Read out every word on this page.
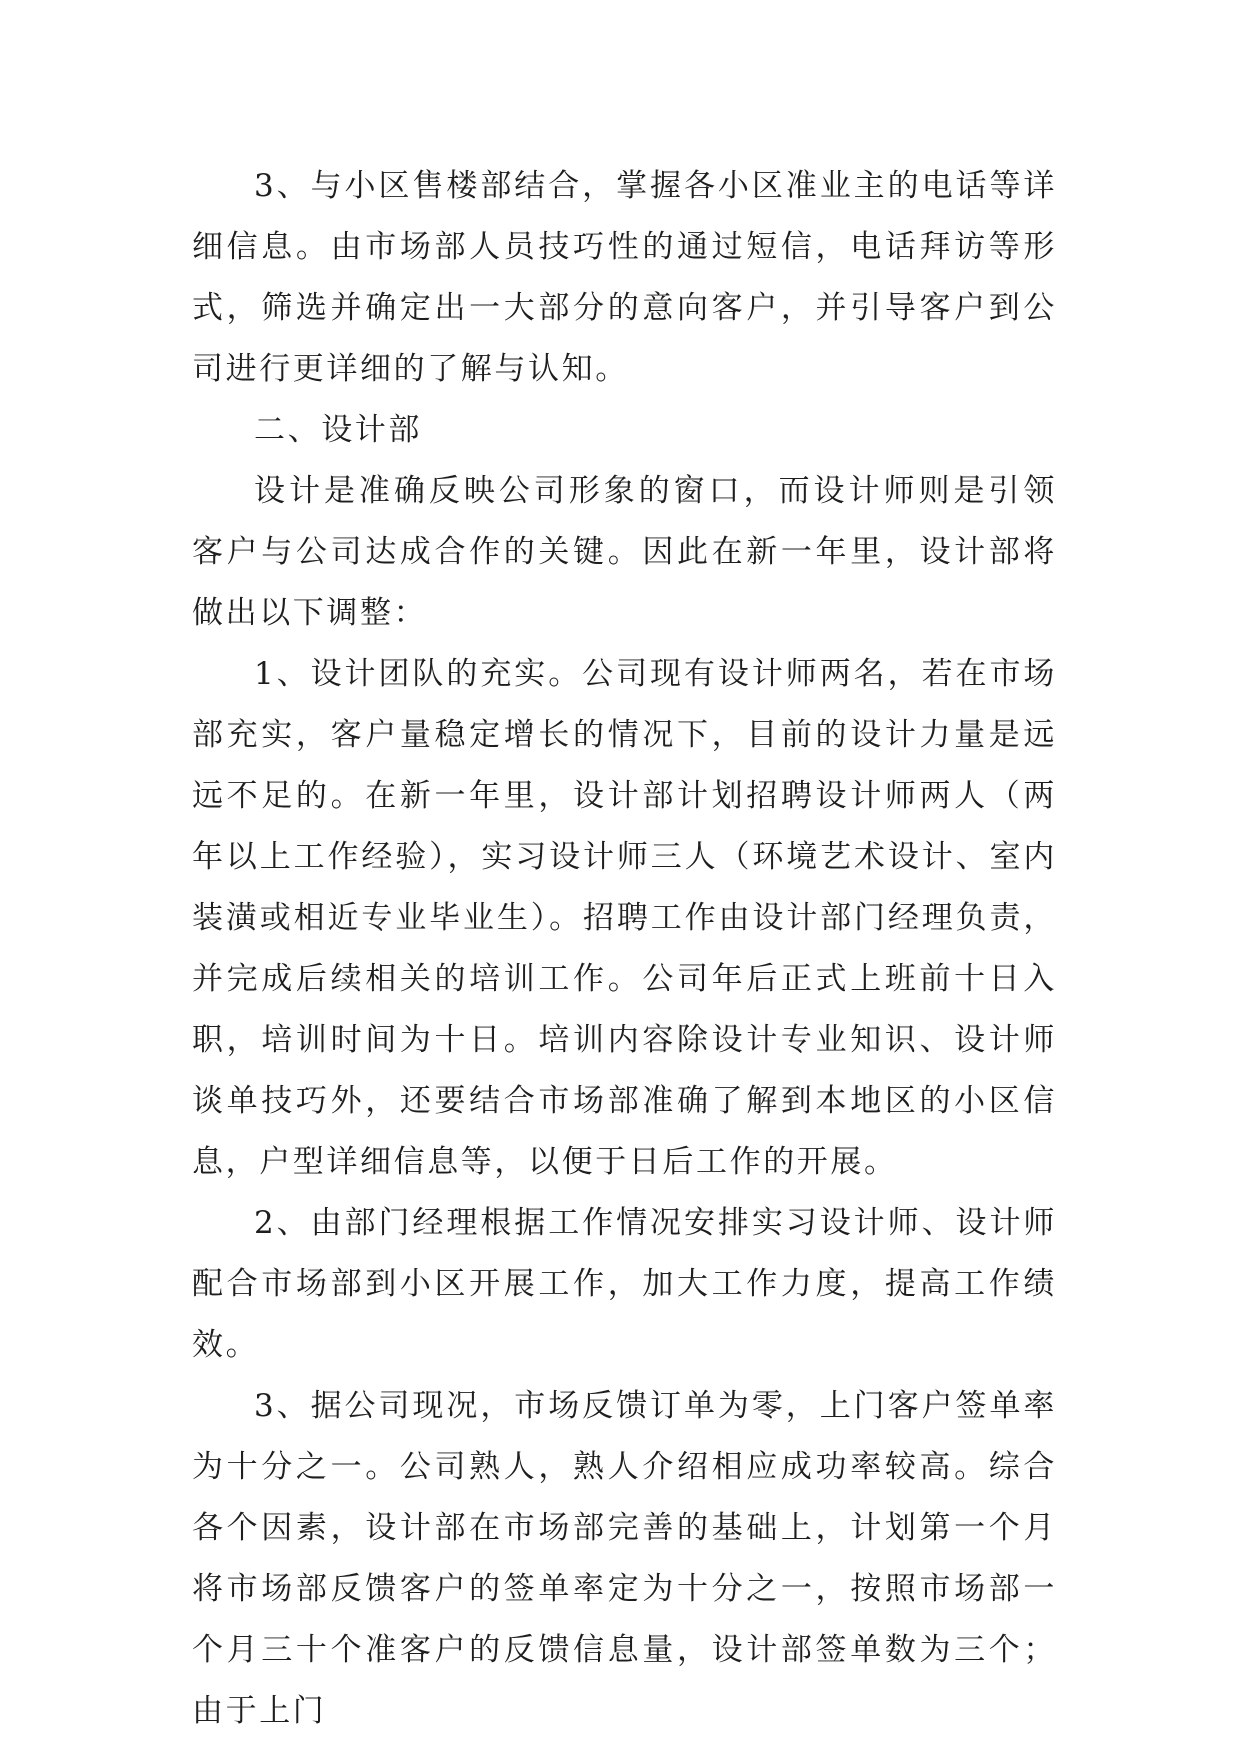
3、与小区售楼部结合，掌握各小区准业主的电话等详细信息。由市场部人员技巧性的通过短信，电话拜访等形式，筛选并确定出一大部分的意向客户，并引导客户到公司进行更详细的了解与认知。

二、设计部

设计是准确反映公司形象的窗口，而设计师则是引领客户与公司达成合作的关键。因此在新一年里，设计部将做出以下调整：

1、设计团队的充实。公司现有设计师两名，若在市场部充实，客户量稳定增长的情况下，目前的设计力量是远远不足的。在新一年里，设计部计划招聘设计师两人（两年以上工作经验），实习设计师三人（环境艺术设计、室内装潢或相近专业毕业生）。招聘工作由设计部门经理负责，并完成后续相关的培训工作。公司年后正式上班前十日入职，培训时间为十日。培训内容除设计专业知识、设计师谈单技巧外，还要结合市场部准确了解到本地区的小区信息，户型详细信息等，以便于日后工作的开展。

2、由部门经理根据工作情况安排实习设计师、设计师配合市场部到小区开展工作，加大工作力度，提高工作绩效。

3、据公司现况，市场反馈订单为零，上门客户签单率为十分之一。公司熟人，熟人介绍相应成功率较高。综合各个因素，设计部在市场部完善的基础上，计划第一个月将市场部反馈客户的签单率定为十分之一，按照市场部一个月三十个准客户的反馈信息量，设计部签单数为三个；由于上门
